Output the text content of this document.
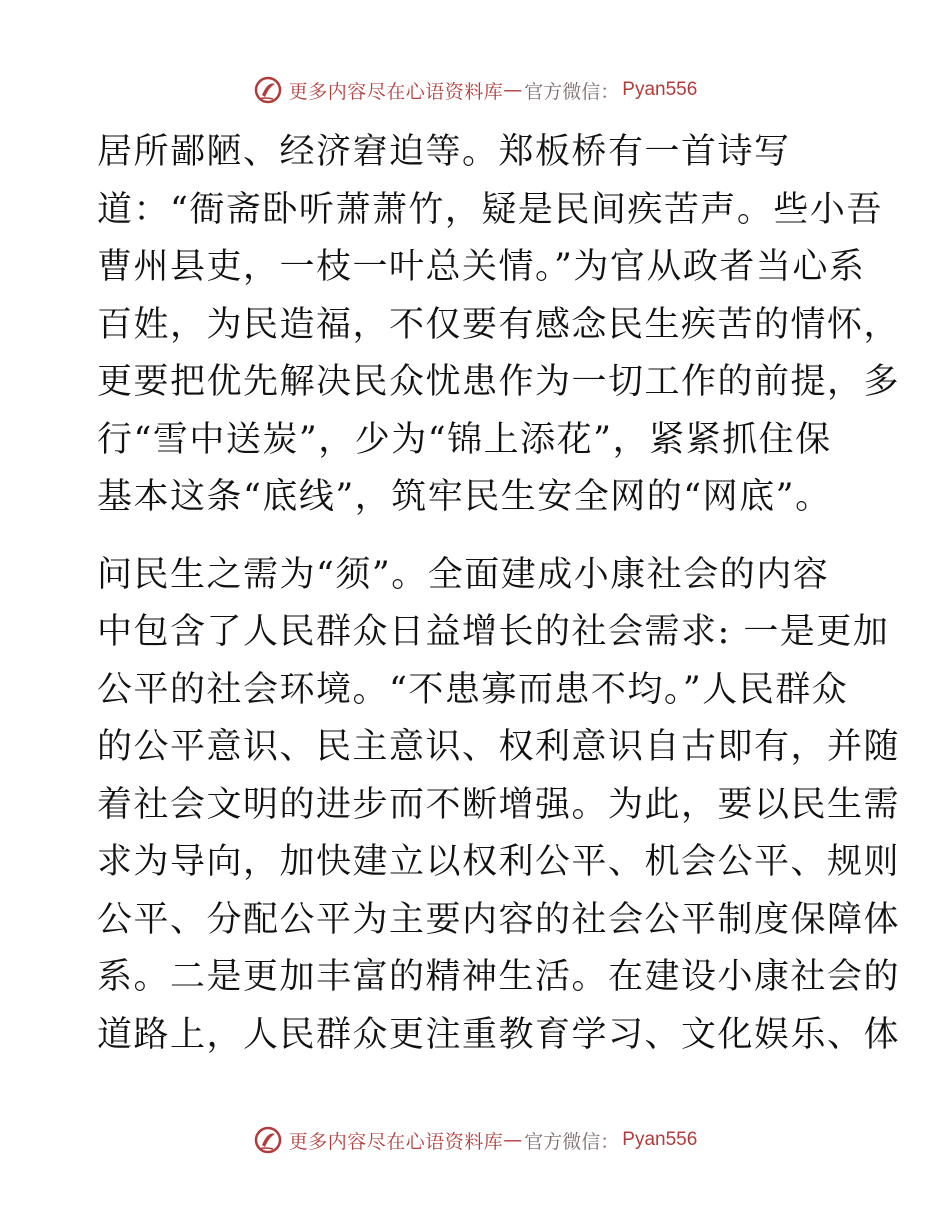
更多内容尽在心语资料库 — 官方微信 ： Pyan556
居所鄙陋、经济窘迫等。郑板桥有一首诗写
道：“衙斋卧听萧萧竹，疑是民间疾苦声。些小吾
曹州县吏，一枝一叶总关情。”为官从政者当心系
百姓，为民造福，不仅要有感念民生疾苦的情怀，
更要把优先解决民众忧患作为一切工作的前提，多
行“雪中送炭”，少为“锦上添花”，紧紧抓住保
基本这条“底线”，筑牢民生安全网的“网底”。
问民生之需为“须”。全面建成小康社会的内容
中包含了人民群众日益增长的社会需求: 一是更加
公平的社会环境。“不患寡而患不均。”人民群众
的公平意识、民主意识、权利意识自古即有，并随
着社会文明的进步而不断增强。为此，要以民生需
求为导向，加快建立以权利公平、机会公平、规则
公平、分配公平为主要内容的社会公平制度保障体
系。二是更加丰富的精神生活。在建设小康社会的
道路上，人民群众更注重教育学习、文化娱乐、体
更多内容尽在心语资料库 — 官方微信 ： Pyan556
